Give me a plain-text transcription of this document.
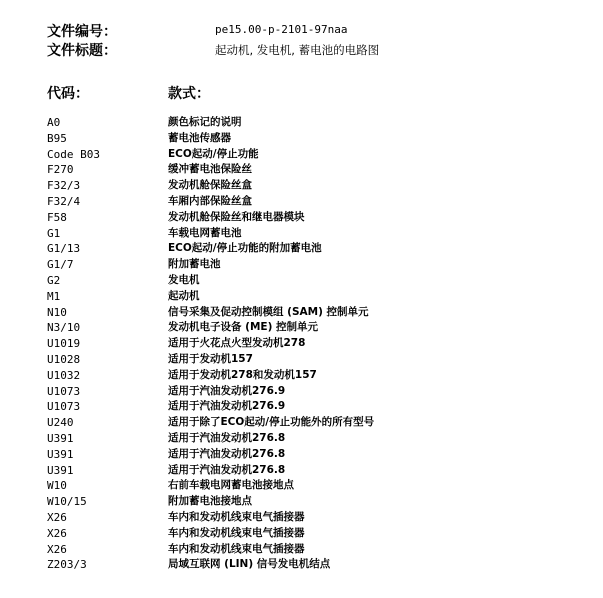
文件编号：	pe15.00-p-2101-97naa
文件标题：	起动机, 发电机, 蓄电池的电路图
代码：	款式：
A0	颜色标记的说明
B95	蓄电池传感器
Code B03	ECO起动/停止功能
F270	缓冲蓄电池保险丝
F32/3	发动机舱保险丝盒
F32/4	车厢内部保险丝盒
F58	发动机舱保险丝和继电器模块
G1	车载电网蓄电池
G1/13	ECO起动/停止功能的附加蓄电池
G1/7	附加蓄电池
G2	发电机
M1	起动机
N10	信号采集及促动控制模组 (SAM) 控制单元
N3/10	发动机电子设备 (ME) 控制单元
U1019	适用于火花点火型发动机278
U1028	适用于发动机157
U1032	适用于发动机278和发动机157
U1073	适用于汽油发动机276.9
U1073	适用于汽油发动机276.9
U240	适用于除了ECO起动/停止功能外的所有型号
U391	适用于汽油发动机276.8
U391	适用于汽油发动机276.8
U391	适用于汽油发动机276.8
W10	右前车载电网蓄电池接地点
W10/15	附加蓄电池接地点
X26	车内和发动机线束电气插接器
X26	车内和发动机线束电气插接器
X26	车内和发动机线束电气插接器
Z203/3	局域互联网 (LIN) 信号发电机结点
